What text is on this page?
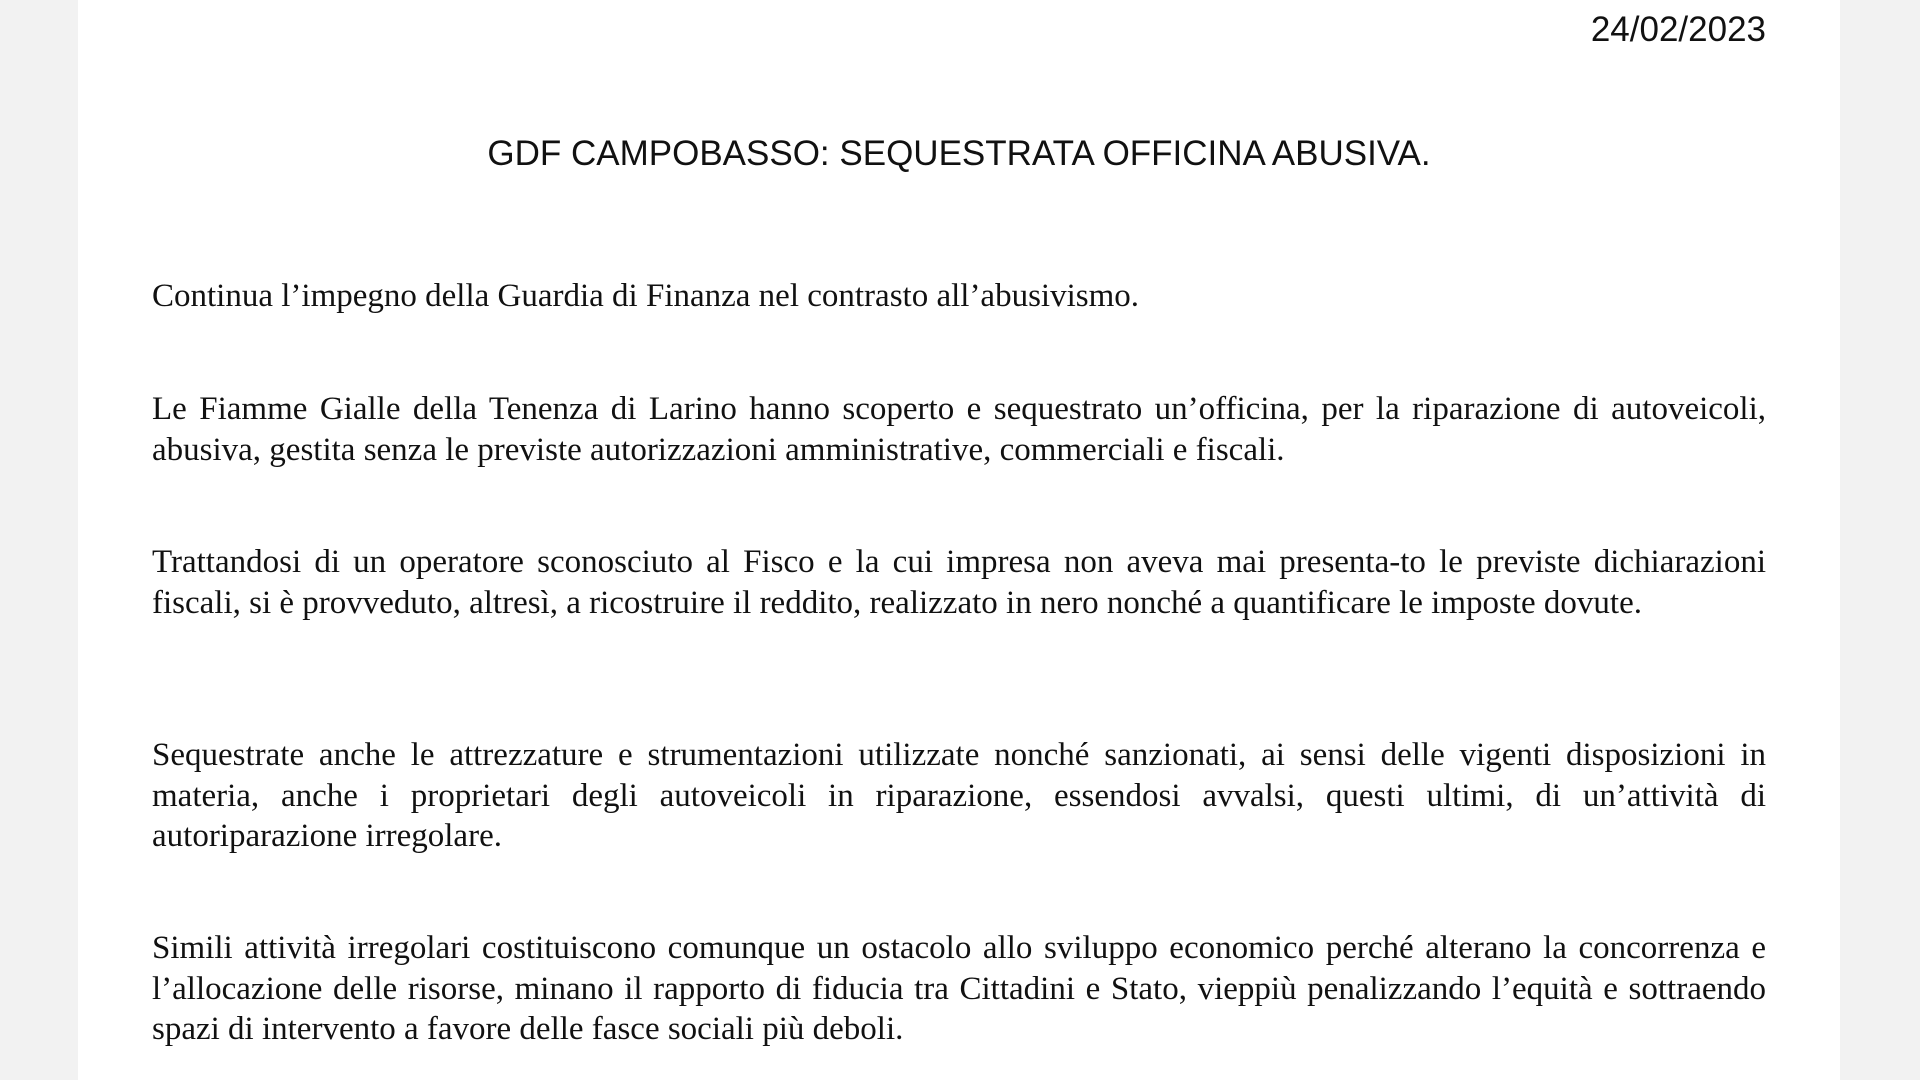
24/02/2023

GDF CAMPOBASSO: SEQUESTRATA OFFICINA ABUSIVA.

Continua l’impegno della Guardia di Finanza nel contrasto all’abusivismo.

Le Fiamme Gialle della Tenenza di Larino hanno scoperto e sequestrato un’officina, per la riparazione di autoveicoli, abusiva, gestita senza le previste autorizzazioni amministrative, commerciali e fiscali.

Trattandosi di un operatore sconosciuto al Fisco e la cui impresa non aveva mai presenta-to le previste dichiarazioni fiscali, si è provveduto, altresì, a ricostruire il reddito, realizzato in nero nonché a quantificare le imposte dovute.

Sequestrate anche le attrezzature e strumentazioni utilizzate nonché sanzionati, ai sensi delle vigenti disposizioni in materia, anche i proprietari degli autoveicoli in riparazione, essendosi avvalsi, questi ultimi, di un’attività di autoriparazione irregolare.

Simili attività irregolari costituiscono comunque un ostacolo allo sviluppo economico perché alterano la concorrenza e l’allocazione delle risorse, minano il rapporto di fiducia tra Cittadini e Stato, vieppiù penalizzando l’equità e sottraendo spazi di intervento a favore delle fasce sociali più deboli.
